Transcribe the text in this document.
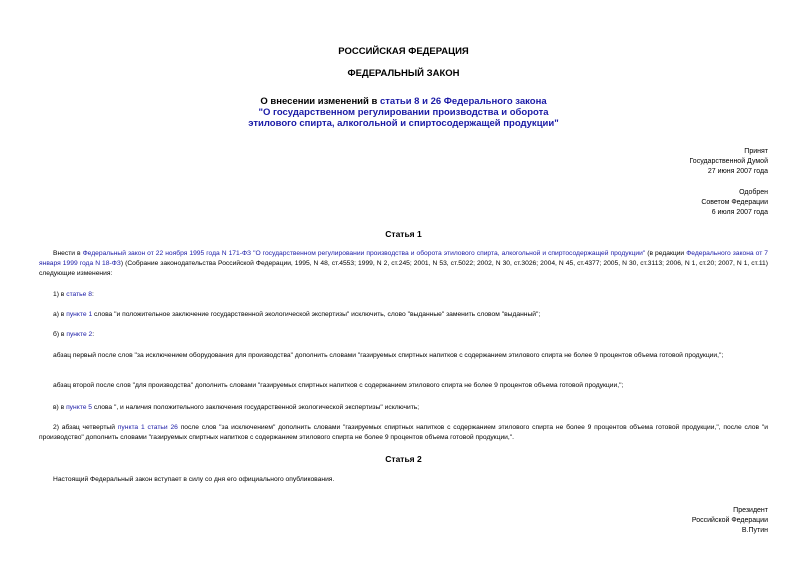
РОССИЙСКАЯ ФЕДЕРАЦИЯ
ФЕДЕРАЛЬНЫЙ ЗАКОН
О внесении изменений в статьи 8 и 26 Федерального закона
"О государственном регулировании производства и оборота
этилового спирта, алкогольной и спиртосодержащей продукции"
Принят
Государственной Думой
27 июня 2007 года
Одобрен
Советом Федерации
6 июля 2007 года
Статья 1
Внести в Федеральный закон от 22 ноября 1995 года N 171-ФЗ "О государственном регулировании производства и оборота этилового спирта, алкогольной и спиртосодержащей продукции" (в редакции Федерального закона от 7 января 1999 года N 18-ФЗ) (Собрание законодательства Российской Федерации, 1995, N 48, ст.4553; 1999, N 2, ст.245; 2001, N 53, ст.5022; 2002, N 30, ст.3026; 2004, N 45, ст.4377; 2005, N 30, ст.3113; 2006, N 1, ст.20; 2007, N 1, ст.11) следующие изменения:
1) в статье 8:
а) в пункте 1 слова "и положительное заключение государственной экологической экспертизы" исключить, слово "выданные" заменить словом "выданный";
б) в пункте 2:
абзац первый после слов "за исключением оборудования для производства" дополнить словами "газируемых спиртных напитков с содержанием этилового спирта не более 9 процентов объема готовой продукции,";
абзац второй после слов "для производства" дополнить словами "газируемых спиртных напитков с содержанием этилового спирта не более 9 процентов объема готовой продукции,";
в) в пункте 5 слова ", и наличия положительного заключения государственной экологической экспертизы" исключить;
2) абзац четвертый пункта 1 статьи 26 после слов "за исключением" дополнить словами "газируемых спиртных напитков с содержанием этилового спирта не более 9 процентов объема готовой продукции,", после слов "и производство" дополнить словами "газируемых спиртных напитков с содержанием этилового спирта не более 9 процентов объема готовой продукции,".
Статья 2
Настоящий Федеральный закон вступает в силу со дня его официального опубликования.
Президент
Российской Федерации
В.Путин
